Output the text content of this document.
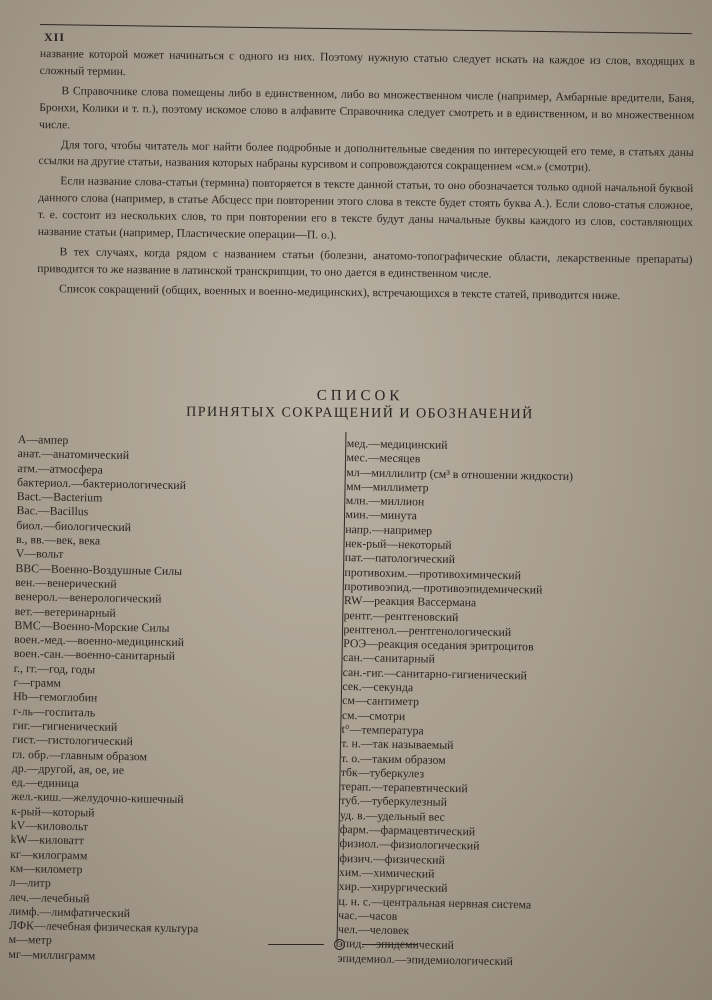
XII

название которой может начинаться с одного из них. Поэтому нужную статью следует искать на каждое из слов, входящих в сложный термин.

В Справочнике слова помещены либо в единственном, либо во множественном числе (например, Амбарные вредители, Баня, Бронхи, Колики и т. п.), поэтому искомое слово в алфавите Справочника следует смотреть и в единственном, и во множественном числе.

Для того, чтобы читатель мог найти более подробные и дополнительные сведения по интересующей его теме, в статьях даны ссылки на другие статьи, названия которых набраны курсивом и сопровождаются сокращением «см.» (смотри).

Если название слова-статьи (термина) повторяется в тексте данной статьи, то оно обозначается только одной начальной буквой данного слова (например, в статье Абсцесс при повторении этого слова в тексте будет стоять буква А.). Если слово-статья сложное, т. е. состоит из нескольких слов, то при повторении его в тексте будут даны начальные буквы каждого из слов, составляющих название статьи (например, Пластические операции—П. о.).

В тех случаях, когда рядом с названием статьи (болезни, анатомо-топографические области, лекарственные препараты) приводится то же название в латинской транскрипции, то оно дается в единственном числе.

Список сокращений (общих, военных и военно-медицинских), встречающихся в тексте статей, приводится ниже.

СПИСОК
ПРИНЯТЫХ СОКРАЩЕНИЙ И ОБОЗНАЧЕНИЙ
А—ампер
анат.—анатомический
атм.—атмосфера
бактериол.—бактериологический
Bact.—Bacterium
Bac.—Bacillus
биол.—биологический
в., вв.—век, века
V—вольт
ВВС—Военно-Воздушные Силы
вен.—венерический
венерол.—венерологический
вет.—ветеринарный
ВМС—Военно-Морские Силы
воен.-мед.—военно-медицинский
воен.-сан.—военно-санитарный
г., гг.—год, годы
г—грамм
Hb—гемоглобин
г-ль—госпиталь
гиг.—гигиенический
гист.—гистологический
гл. обр.—главным образом
др.—другой, ая, ое, ие
ед.—единица
жел.-киш.—желудочно-кишечный
к-рый—который
kV—киловольт
kW—киловатт
кг—килограмм
км—километр
л—литр
леч.—лечебный
лимф.—лимфатический
ЛФК—лечебная физическая культура
м—метр
мг—миллиграмм
мед.—медицинский
мес.—месяцев
мл—миллилитр (см³ в отношении жидкости)
мм—миллиметр
млн.—миллион
мин.—минута
напр.—например
нек-рый—некоторый
пат.—патологический
противохим.—противохимический
противоэпид.—противоэпидемический
RW—реакция Вассермана
рентг.—рентгеновский
рентгенол.—рентгенологический
РОЭ—реакция оседания эритроцитов
сан.—санитарный
сан.-гиг.—санитарно-гигиенический
сек.—секунда
см—сантиметр
см.—смотри
t°—температура
т. н.—так называемый
т. о.—таким образом
тбк—туберкулез
терап.—терапевтический
туб.—туберкулезный
уд. в.—удельный вес
фарм.—фармацевтический
физиол.—физиологический
физич.—физический
хим.—химический
хир.—хирургический
ц. н. с.—центральная нервная система
час.—часов
чел.—человек
эпид.—эпидемический
эпидемиол.—эпидемиологический
